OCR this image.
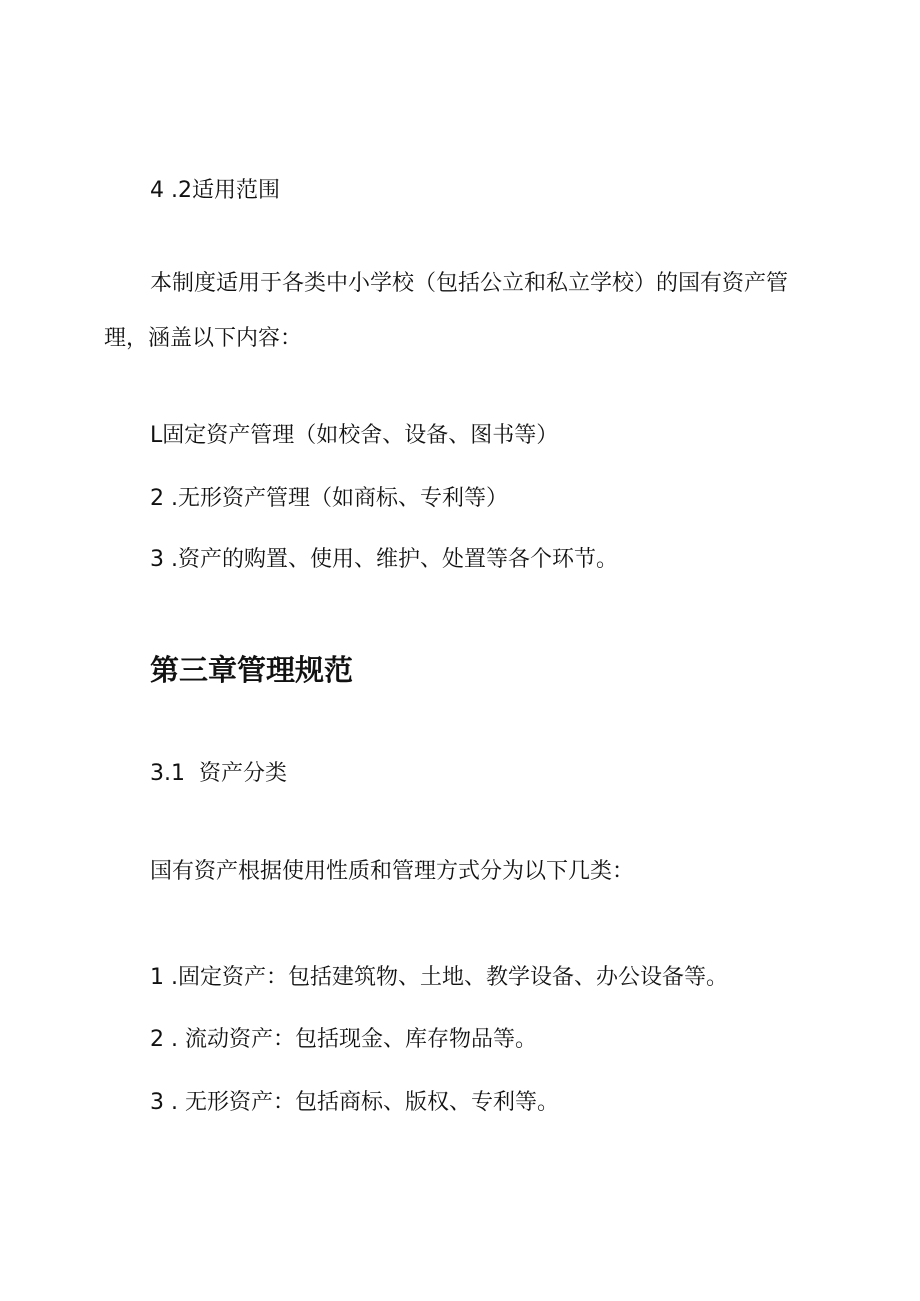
4 .2适用范围

本制度适用于各类中小学校（包括公立和私立学校）的国有资产管理，涵盖以下内容：

L固定资产管理（如校舍、设备、图书等）

2 .无形资产管理（如商标、专利等）

3 .资产的购置、使用、维护、处置等各个环节。

第三章管理规范

3.1  资产分类

国有资产根据使用性质和管理方式分为以下几类：

1 .固定资产：包括建筑物、土地、教学设备、办公设备等。

2 . 流动资产：包括现金、库存物品等。

3 . 无形资产：包括商标、版权、专利等。
